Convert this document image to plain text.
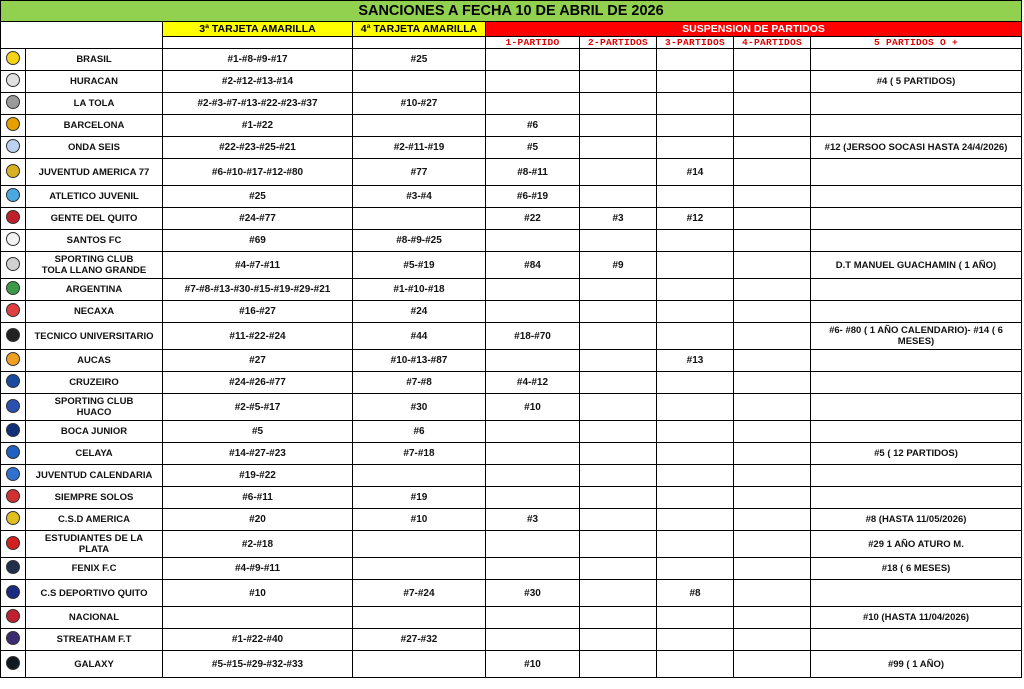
SANCIONES A FECHA 10 DE ABRIL DE 2026								
		3ª TARJETA AMARILLA	4ª TARJETA AMARILLA	SUSPENSION DE PARTIDOS				
				1-PARTIDO	2-PARTIDOS	3-PARTIDOS	4-PARTIDOS	5 PARTIDOS O +
	BRASIL	#1-#8-#9-#17	#25					
	HURACAN	#2-#12-#13-#14						#4 ( 5 PARTIDOS)
	LA TOLA	#2-#3-#7-#13-#22-#23-#37	#10-#27					
	BARCELONA	#1-#22		#6				
	ONDA SEIS	#22-#23-#25-#21	#2-#11-#19	#5				#12 (JERSOO SOCASI HASTA 24/4/2026)
	JUVENTUD AMERICA 77	#6-#10-#17-#12-#80	#77	#8-#11		#14		
	ATLETICO JUVENIL	#25	#3-#4	#6-#19				
	GENTE DEL QUITO	#24-#77		#22	#3	#12		
	SANTOS FC	#69	#8-#9-#25					

	SPORTING CLUB
TOLA LLANO GRANDE	#4-#7-#11	#5-#19	#84	#9			D.T MANUEL GUACHAMIN ( 1 AÑO)
	ARGENTINA	#7-#8-#13-#30-#15-#19-#29-#21	#1-#10-#18					
	NECAXA	#16-#27	#24					
	TECNICO UNIVERSITARIO	#11-#22-#24	#44	#18-#70				#6- #80 ( 1 AÑO CALENDARIO)- #14 ( 6 MESES)
	AUCAS	#27	#10-#13-#87			#13		
	CRUZEIRO	#24-#26-#77	#7-#8	#4-#12				

	SPORTING CLUB
HUACO	#2-#5-#17	#30	#10				
	BOCA JUNIOR	#5	#6					
	CELAYA	#14-#27-#23	#7-#18					#5 ( 12 PARTIDOS)
	JUVENTUD CALENDARIA	#19-#22						
	SIEMPRE SOLOS	#6-#11	#19					
	C.S.D AMERICA	#20	#10	#3				#8 (HASTA 11/05/2026)

	ESTUDIANTES DE LA
PLATA	#2-#18						#29 1 AÑO ATURO M.
	FENIX F.C	#4-#9-#11						#18 ( 6 MESES)
	C.S DEPORTIVO QUITO	#10	#7-#24	#30		#8		
	NACIONAL							#10 (HASTA 11/04/2026)
	STREATHAM F.T	#1-#22-#40	#27-#32					
	GALAXY	#5-#15-#29-#32-#33		#10				#99 ( 1 AÑO)
